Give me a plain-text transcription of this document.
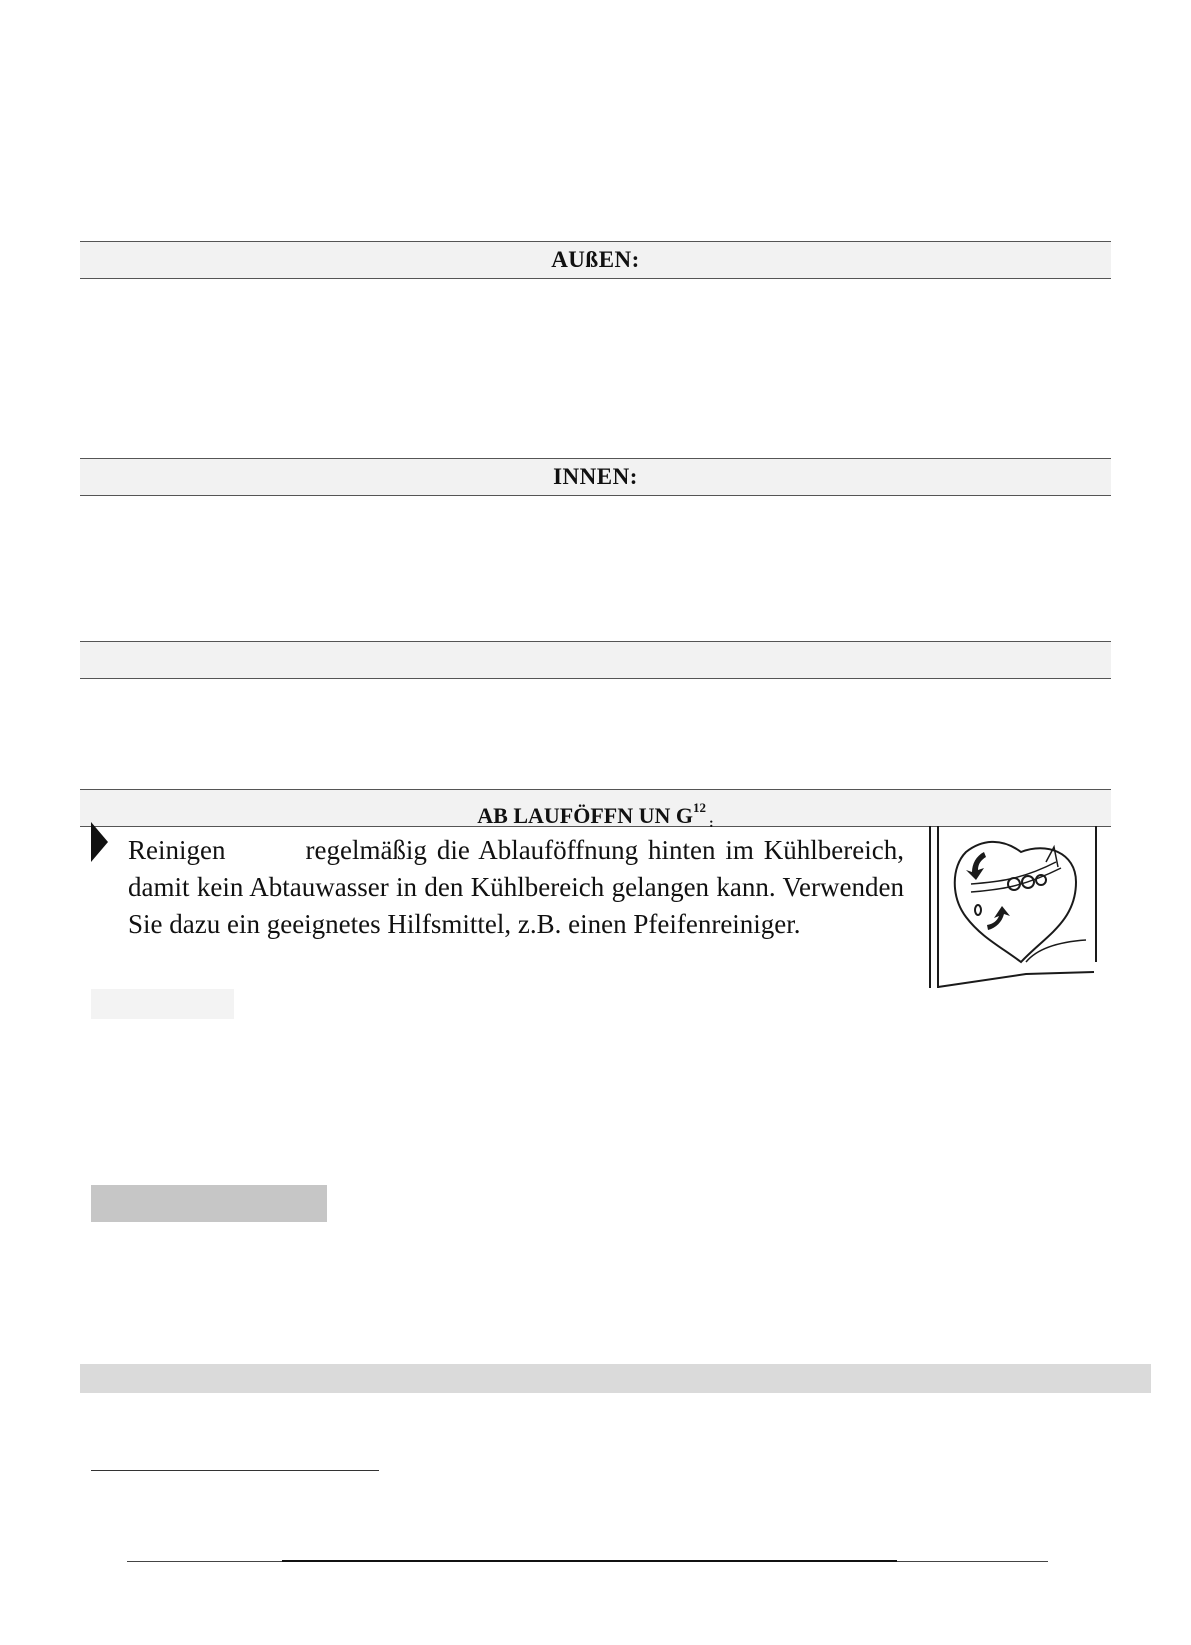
AUßEN:
INNEN:
AB LAUFÖFFN UN $G^{12}$:

Reinigen	regelmäßig die Ablauföffnung hinten im Kühlbereich, damit kein Abtauwasser in den Kühlbereich gelangen kann. Verwenden Sie dazu ein geeignetes Hilfsmittel, z.B. einen Pfeifenreiniger.
